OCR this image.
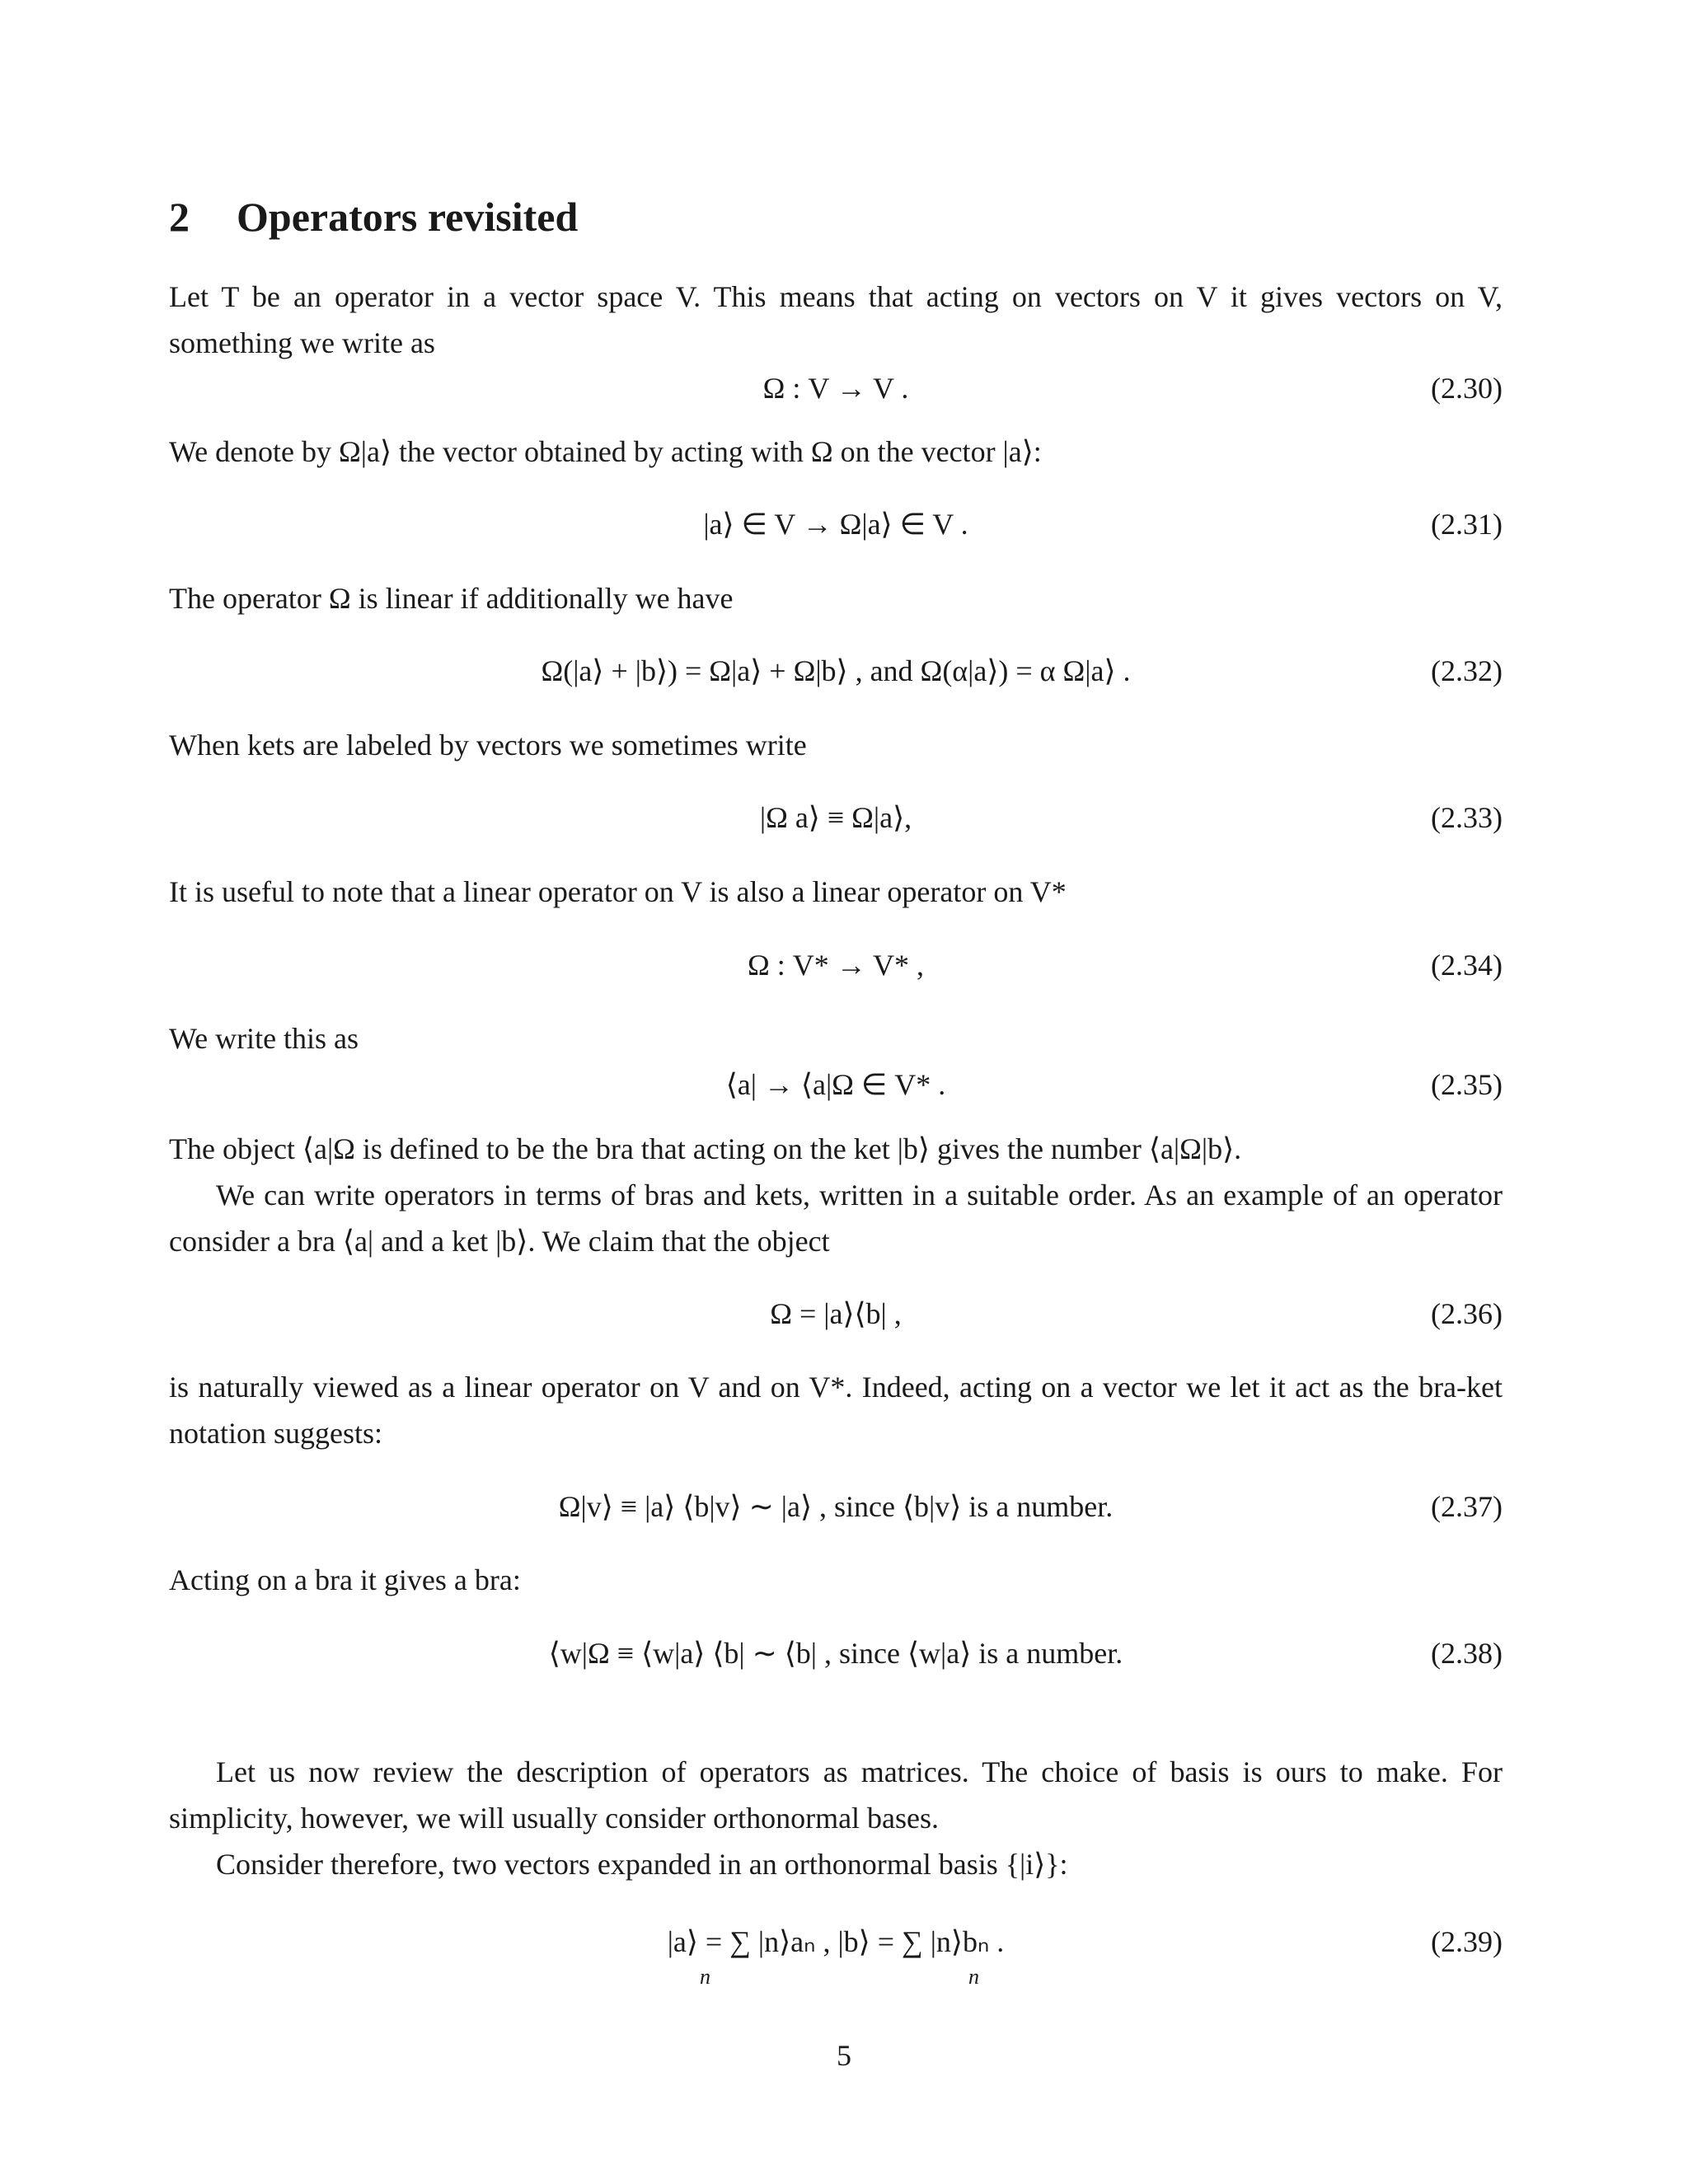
2 Operators revisited

Let T be an operator in a vector space V. This means that acting on vectors on V it gives vectors on V, something we write as

Ω : V → V .	(2.30)

We denote by Ω|a⟩ the vector obtained by acting with Ω on the vector |a⟩:

|a⟩ ∈ V → Ω|a⟩ ∈ V .	(2.31)

The operator Ω is linear if additionally we have

Ω(|a⟩ + |b⟩) = Ω|a⟩ + Ω|b⟩ , and Ω(α|a⟩) = α Ω|a⟩ .	(2.32)

When kets are labeled by vectors we sometimes write

|Ω a⟩ ≡ Ω|a⟩,	(2.33)

It is useful to note that a linear operator on V is also a linear operator on V*

Ω : V* → V* ,	(2.34)

We write this as

⟨a| → ⟨a|Ω ∈ V* .	(2.35)

The object ⟨a|Ω is defined to be the bra that acting on the ket |b⟩ gives the number ⟨a|Ω|b⟩.

We can write operators in terms of bras and kets, written in a suitable order. As an example of an operator consider a bra ⟨a| and a ket |b⟩. We claim that the object

Ω = |a⟩⟨b| ,	(2.36)

is naturally viewed as a linear operator on V and on V*. Indeed, acting on a vector we let it act as the bra-ket notation suggests:

Ω|v⟩ ≡ |a⟩ ⟨b|v⟩ ∼ |a⟩ , since ⟨b|v⟩ is a number.	(2.37)

Acting on a bra it gives a bra:

⟨w|Ω ≡ ⟨w|a⟩ ⟨b| ∼ ⟨b| , since ⟨w|a⟩ is a number.	(2.38)

Let us now review the description of operators as matrices. The choice of basis is ours to make. For simplicity, however, we will usually consider orthonormal bases.

Consider therefore, two vectors expanded in an orthonormal basis {|i⟩}:

|a⟩ = ∑ |n⟩aₙ , |b⟩ = ∑ |n⟩bₙ .
n	n
(2.39)
5
